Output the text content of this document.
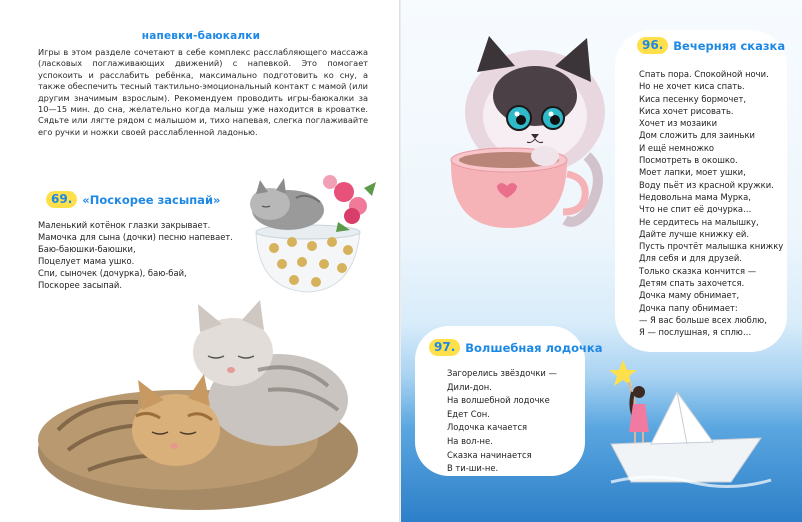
напевки-баюкалки

Игры в этом разделе сочетают в себе комплекс расслабляющего массажа (ласковых поглаживающих движений) с напевкой. Это помогает успокоить и расслабить ребёнка, максимально подготовить ко сну, а также обеспечить тесный тактильно-эмоциональный контакт с мамой (или другим значимым взрослым). Рекомендуем проводить игры-баюкалки за 10—15 мин. до сна, желательно когда малыш уже находится в кроватке. Сядьте или лягте рядом с малышом и, тихо напевая, слегка поглаживайте его ручки и ножки своей расслабленной ладонью.

69. «Поскорее засыпай»
Маленький котёнок глазки закрывает.
Мамочка для сына (дочки) песню напевает.
Баю-баюшки-баюшки,
Поцелует мама ушко.
Спи, сыночек (дочурка), баю-бай,
Поскорее засыпай.
96. Вечерняя сказка
Спать пора. Спокойной ночи.
Но не хочет киса спать.
Киса песенку бормочет,
Киса хочет рисовать.
Хочет из мозаики
Дом сложить для заиньки
И ещё немножко
Посмотреть в окошко.
Моет лапки, моет ушки,
Воду пьёт из красной кружки.
Недовольна мама Мурка,
Что не спит её дочурка…
Не сердитесь на малышку,
Дайте лучше книжку ей.
Пусть прочтёт малышка книжку
Для себя и для друзей.
Только сказка кончится —
Детям спать захочется.
Дочка маму обнимает,
Дочка папу обнимает:
— Я вас больше всех люблю,
Я — послушная, я сплю…
97. Волшебная лодочка
Загорелись звёздочки —
Дили-дон.
На волшебной лодочке
Едет Сон.
Лодочка качается
На вол-не.
Сказка начинается
В ти-ши-не.
